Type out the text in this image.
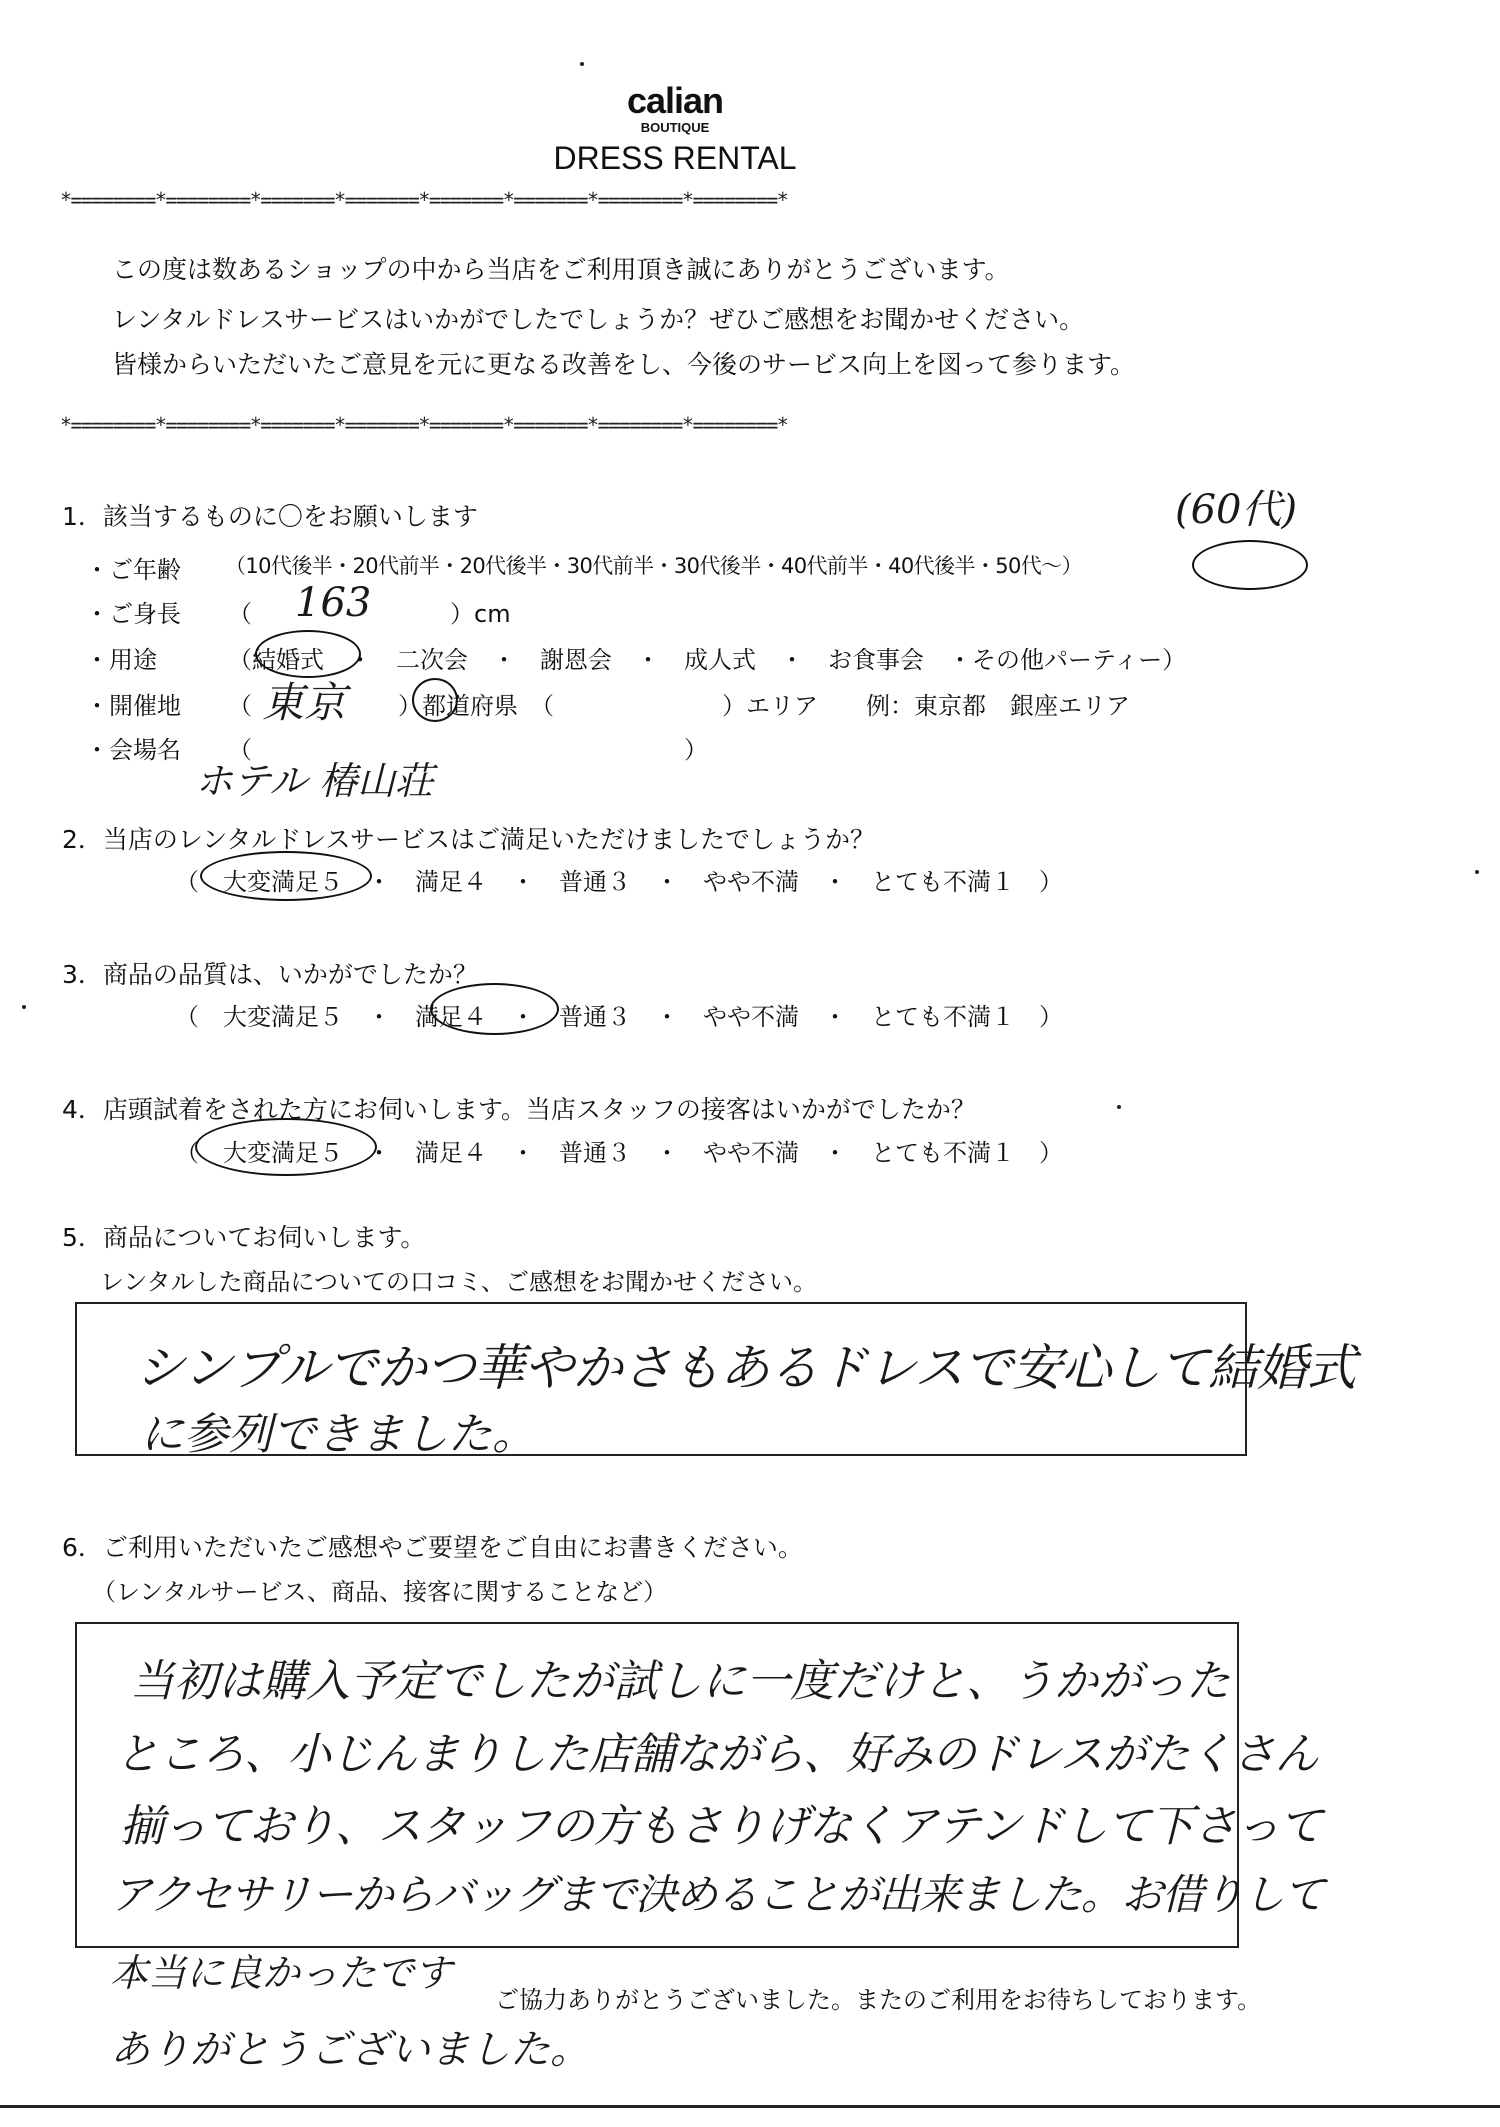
calian
BOUTIQUE
DRESS RENTAL
*========*========*=======*=======*=======*=======*========*========*
この度は数あるショップの中から当店をご利用頂き誠にありがとうございます。
レンタルドレスサービスはいかがでしたでしょうか？ぜひご感想をお聞かせください。
皆様からいただいたご意見を元に更なる改善をし、今後のサービス向上を図って参ります。
*========*========*=======*=======*=======*=======*========*========*
1．該当するものに〇をお願いします	(60代)
・ご年齢 （10代後半・20代前半・20代後半・30代前半・30代後半・40代前半・40代後半・50代～）
・ご身長 （ 163	）cm
・用途	（結婚式　・　二次会　・　謝恩会　・　成人式　・　お食事会　・その他パーティー）
・開催地 （ 東京 ）都道府県　（　　　　　　　）エリア　　例：東京都　銀座エリア
・会場名 （　　　　　　　　　　　　　　　　　　）
ホテル 椿山荘
2．当店のレンタルドレスサービスはご満足いただけましたでしょうか？
（　大変満足５　・　満足４　・　普通３　・　やや不満　・　とても不満１　）
3．商品の品質は、いかがでしたか？
（　大変満足５　・　満足４　・　普通３　・　やや不満　・　とても不満１　）
4．店頭試着をされた方にお伺いします。当店スタッフの接客はいかがでしたか？
（　大変満足５　・　満足４　・　普通３　・　やや不満　・　とても不満１　）
5．商品についてお伺いします。
レンタルした商品についての口コミ、ご感想をお聞かせください。
シンプルでかつ華やかさもあるドレスで安心して結婚式
に参列できました。
6．ご利用いただいたご感想やご要望をご自由にお書きください。
（レンタルサービス、商品、接客に関することなど）
当初は購入予定でしたが試しに一度だけと、うかがった
ところ、小じんまりした店舗ながら、好みのドレスがたくさん
揃っており、スタッフの方もさりげなくアテンドして下さって
アクセサリーからバッグまで決めることが出来ました。お借りして
本当に良かったです
ありがとうございました。
ご協力ありがとうございました。またのご利用をお待ちしております。
